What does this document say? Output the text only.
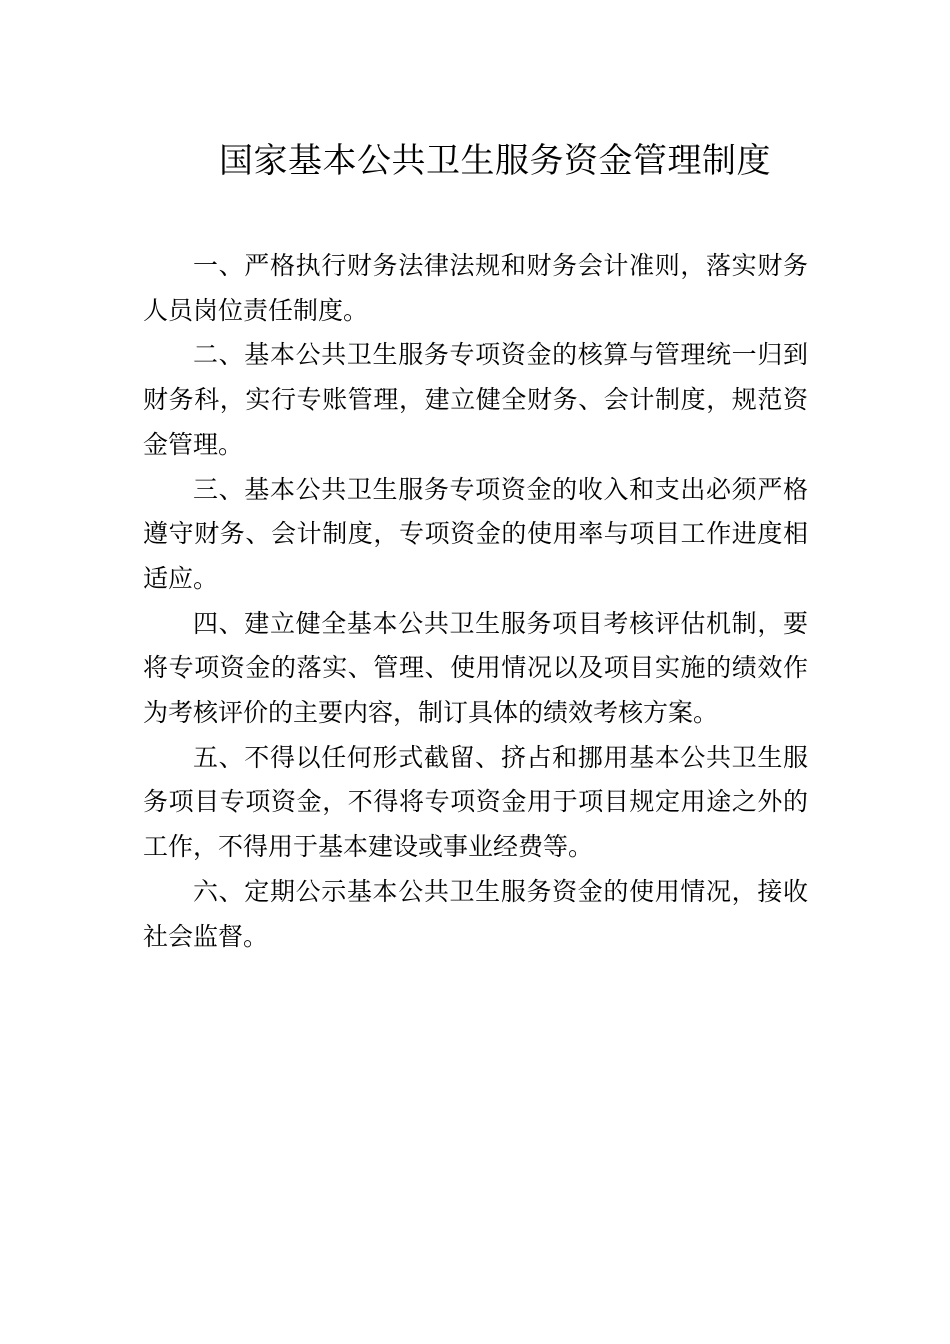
国家基本公共卫生服务资金管理制度

一、严格执行财务法律法规和财务会计准则，落实财务人员岗位责任制度。

二、基本公共卫生服务专项资金的核算与管理统一归到财务科，实行专账管理，建立健全财务、会计制度，规范资金管理。

三、基本公共卫生服务专项资金的收入和支出必须严格遵守财务、会计制度，专项资金的使用率与项目工作进度相适应。

四、建立健全基本公共卫生服务项目考核评估机制，要将专项资金的落实、管理、使用情况以及项目实施的绩效作为考核评价的主要内容，制订具体的绩效考核方案。

五、不得以任何形式截留、挤占和挪用基本公共卫生服务项目专项资金，不得将专项资金用于项目规定用途之外的工作，不得用于基本建设或事业经费等。

六、定期公示基本公共卫生服务资金的使用情况，接收社会监督。
